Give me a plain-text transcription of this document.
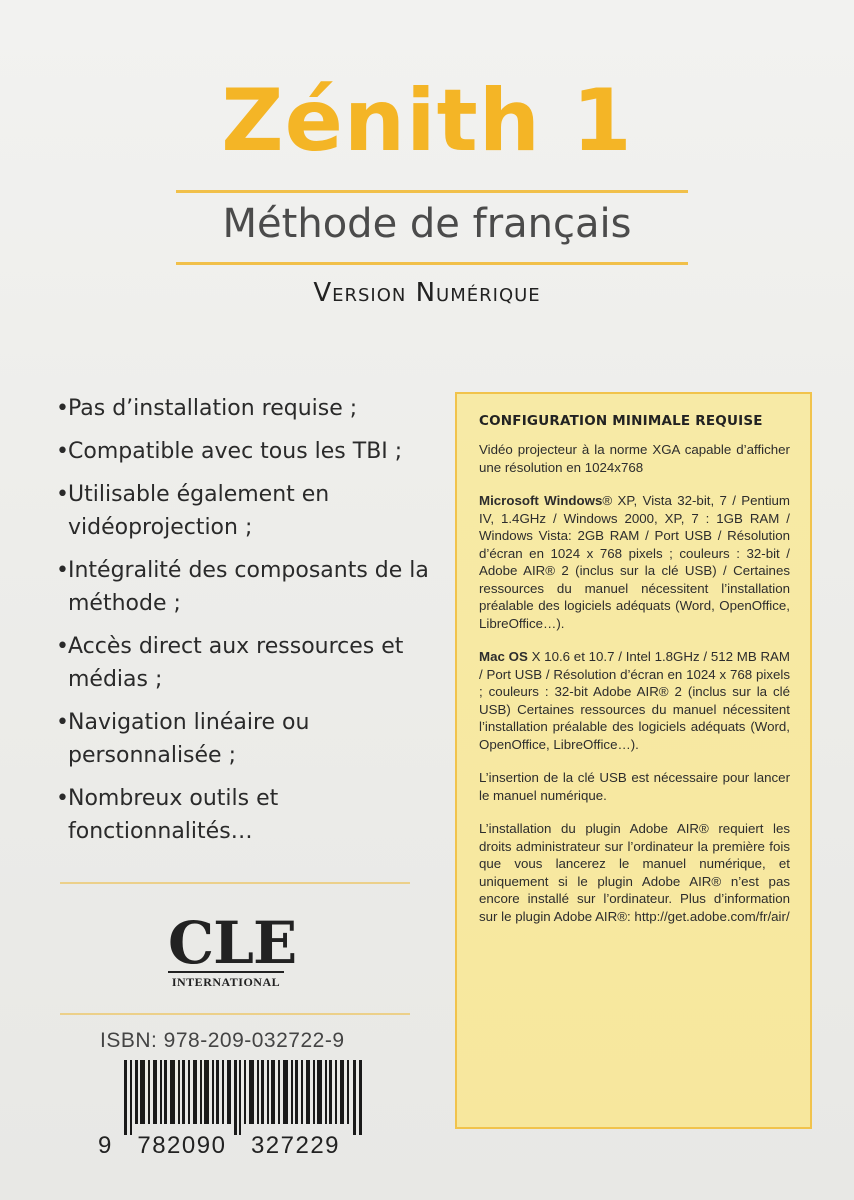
Zénith 1
Méthode de français
Version Numérique
• Pas d’installation requise ;
• Compatible avec tous les TBI ;
• Utilisable également en vidéoprojection ;
• Intégralité des composants de la méthode ;
• Accès direct aux ressources et médias ;
• Navigation linéaire ou personnalisée ;
• Nombreux outils et fonctionnalités…
CLE
INTERNATIONAL
ISBN: 978-209-032722-9
9   782090   327229
CONFIGURATION MINIMALE REQUISE

Vidéo projecteur à la norme XGA capable d’afficher une résolution en 1024x768

Microsoft Windows® XP, Vista 32-bit, 7 / Pentium IV, 1.4GHz / Windows 2000, XP, 7 : 1GB RAM / Windows Vista: 2GB RAM / Port USB / Résolution d’écran en 1024 x 768 pixels ; couleurs : 32-bit / Adobe AIR® 2 (inclus sur la clé USB) / Certaines ressources du manuel nécessitent l’installation préalable des logiciels adéquats (Word, OpenOffice, LibreOffice…).

Mac OS X 10.6 et 10.7 / Intel 1.8GHz / 512 MB RAM / Port USB / Résolution d’écran en 1024 x 768 pixels ; couleurs : 32-bit Adobe AIR® 2 (inclus sur la clé USB) Certaines ressources du manuel nécessitent l’installation préalable des logiciels adéquats (Word, OpenOffice, LibreOffice…).

L’insertion de la clé USB est nécessaire pour lancer le manuel numérique.

L’installation du plugin Adobe AIR® requiert les droits administrateur sur l’ordinateur la première fois que vous lancerez le manuel numérique, et uniquement si le plugin Adobe AIR® n’est pas encore installé sur l’ordinateur. Plus d’information sur le plugin Adobe AIR®: http://get.adobe.com/fr/air/
